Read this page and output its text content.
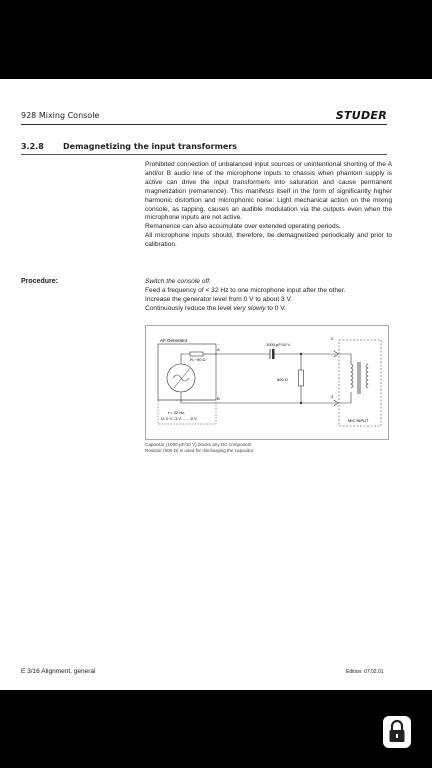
928 Mixing Console	STUDER
3.2.8 Demagnetizing the input transformers

Prohibited connection of unbalanced input sources or unintentional shorting of the A and/or B audio line of the microphone inputs to chassis when phantom supply is active can drive the input transformers into saturation and cause permanent magnetization (remanence). This manifests itself in the form of significantly higher harmonic distortion and microphonic noise: Light mechanical action on the mixing console, as tapping, causes an audible modulation via the outputs even when the microphone inputs are not active.

Remanence can also accumulate over extended operating periods.

All microphone inputs should, therefore, be demagnetized periodically and prior to calibration.

Procedure:	Switch the console off.

Feed a frequency of < 32 Hz to one microphone input after the other.

Increase the generator level from 0 V to about 3 V.

Continuously reduce the level very slowly to 0 V.

AF Generator
Rᵢ ~50 Ω
A
B
f < 32 Hz,
U: 0 V...3 V.........0 V
1000 µF/10 V
600 Ω
2
3
MIC INPUT
Capacitor (1000 µF/10 V) blocks any DC component
Resistor (600 Ω) is used for discharging the capacitor
E 3/16 Alignment, general	Edition: 07.02.01
